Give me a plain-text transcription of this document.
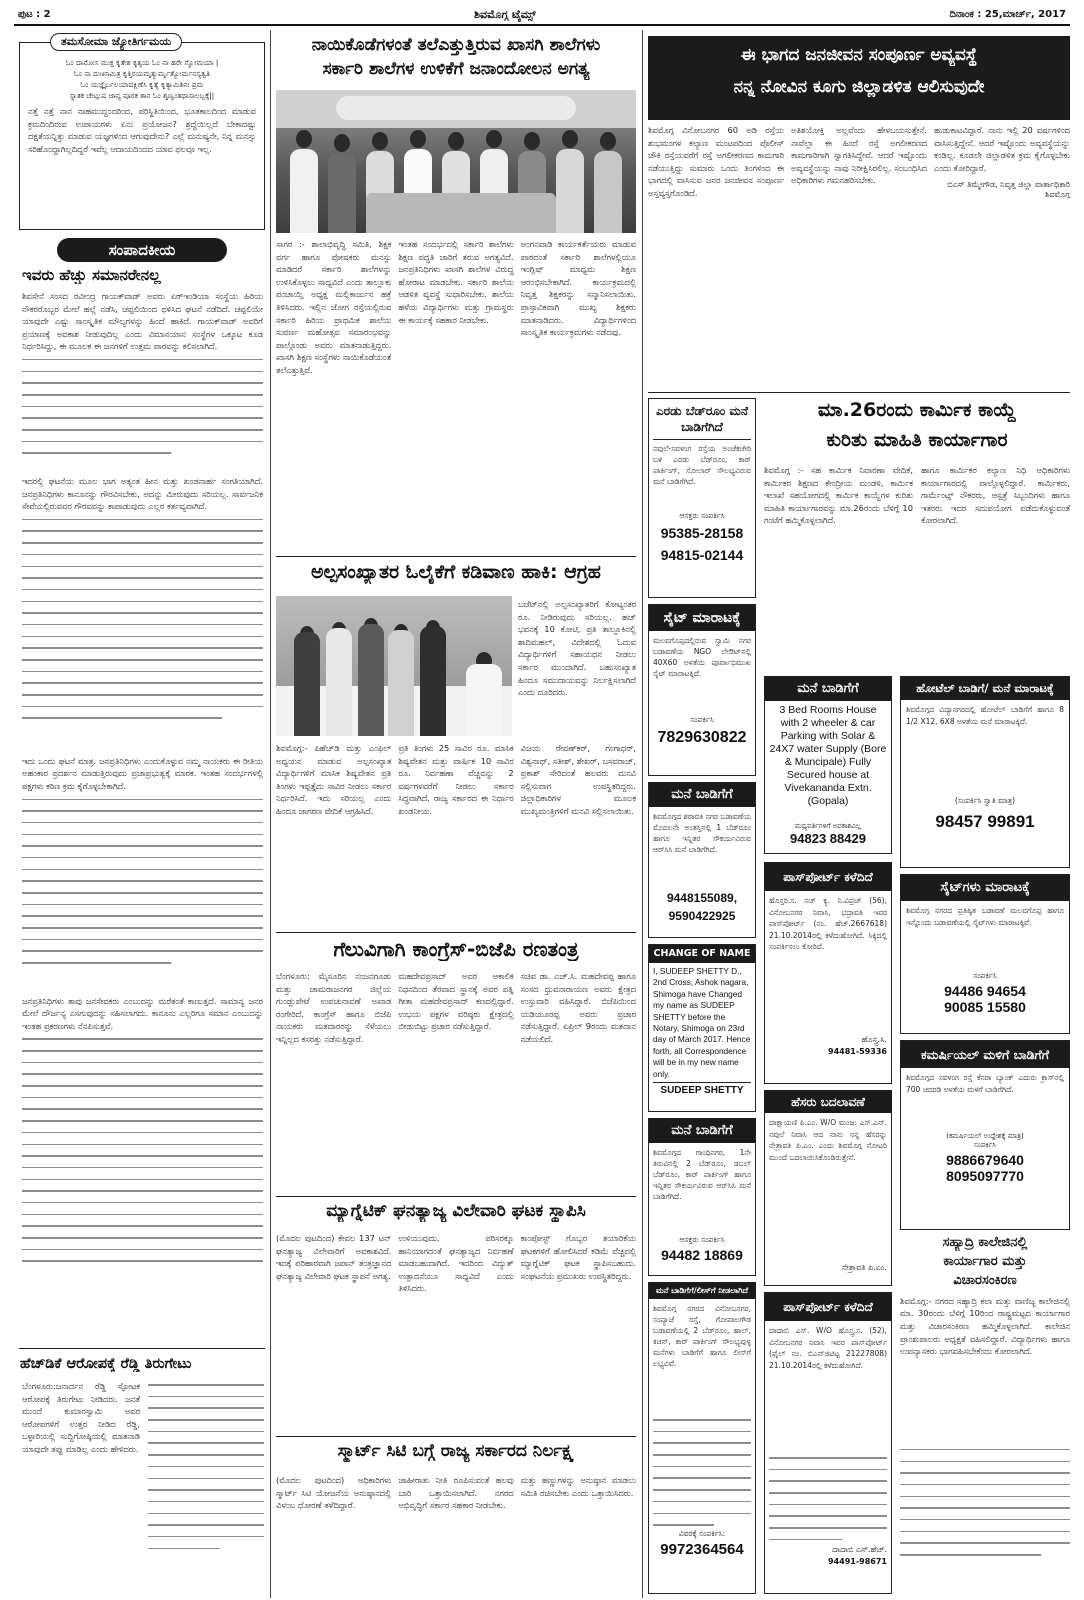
ಪುಟ : 2	ಶಿವಮೊಗ್ಗ ಟೈಮ್ಸ್	ದಿನಾಂಕ : 25,ಮಾರ್ಚ್, 2017
ತಮಸೋಮಾ ಜ್ಯೋತಿರ್ಗಮಯ
ಓಂ ದಾಮೋಸ ಮುಕ್ತ ಕೃತೇಶ ಕೃತ್ಯಯ ಓಂ ನಾ ಹರೇ ಸ್ವೋಮಯಾ |
ಓಂ ನಾ ದುಃಖಾಮಿತ್ರ ಕೃತ್ತಿರಯಮೃತ್ಯುರ್ಮೃತ್ಯೋರ್ಮನಸ್ಯತ್ವತಿ
ಓಂ ಯಜ್ಞೈರ್ಬಲಯಾದಕ್ಷಿಣೆಸಿ ಕೃತ್ಯೆ ಕೃತ್ಯಾಮಿಶಿನಃ ಪ್ರಮ
ಸ್ನಾತಕ ಚೇಟ್ಸುಷ ಜಾನ್ಯ ಪೂರಕ ತಾನ ಓಂ ಶೃಣ್ವಂತಥಾಸಾಲಬ್ಬಕ್ಕೆ||
ನತ್ತೆ ನತ್ತೆ ನಾನ ನಾಹಮುದ್ದಂದರಿಂದ, ಪರಿಸ್ಥಿತಿಯಿಂದ, ಭೂತಕಾಲದಿಂದ ಮಾಡುವ ಕ್ರಮದಿಂದಿರುವ ಉಪಾಯಗಳು ಏನು ಪ್ರಯೋಜನ? ಶ್ರದ್ಧೆಯಿಲ್ಲದೆ ಬೇಕಾದಷ್ಟು ದಕ್ಷತೆಯನ್ನಿತ್ತು ಮಾಡುವ ಯಜ್ಞಗಳಿಂದ ಆಗುವುದೇನು? ಎಲ್ಲೆ ಮನುಷ್ಯನೇ, ನಿನ್ನ ಮನಸ್ಸು ಸರಿಹೊಂದ್ದಾಗಿಲ್ಲದಿದ್ದರೆ ಇವೆಲ್ಲ ಆದಾಯದಿಂದದ ಯಾವ ಫಲವೂ ಇಲ್ಲ.
ಸಂಪಾದಕೀಯ
ಇವರು ಹೆಚ್ಚು ಸಮಾನರೇನಲ್ಲ
ಶಿವಸೇನೆ ಸಂಸದ ರವೀಂದ್ರ ಗಾಯಕ್‌ವಾಡ್ ಅವರು ಏರ್‌ಇಂಡಿಯಾ ಸಂಸ್ಥೆಯ ಹಿರಿಯ ನೌಕರರೊಬ್ಬರ ಮೇಲೆ ಹಲ್ಲೆ ನಡೆಸಿ, ಚಪ್ಪಲಿಯಿಂದ ಥಳಿಸಿದ ಘಟನೆ ನಡೆದಿದೆ. ಚಪ್ಪಲಿಯೇ ಯಾವುದೇ ಎಷ್ಟು ಸಾಂಸ್ಕೃತಿಕ ಮೌಲ್ಯಗಳನ್ನು ಹಿಂದೆ ಹಾಕಿದೆ. ಗಾಯಕ್‌ವಾಡ್ ಅವರಿಗೆ ಪ್ರಯಾಣಕ್ಕೆ ಅವಕಾಶ ನೀಡುವುದಿಲ್ಲ ಎಂದು ವಿಮಾನಯಾನ ಸಂಸ್ಥೆಗಳ ಒಕ್ಕೂಟ ಕೂಡ ನಿರ್ಧರಿಸಿದ್ದು, ಈ ಮೂಲಕ ಈ ಜನಗಳಿಗೆ ಉತ್ತಮ ಪಾಠವನ್ನು ಕಲಿಸಲಾಗಿದೆ.
ಇದರಲ್ಲಿ ಘಟನೆಯ ಮೂಲ ಭಾಗ ಅತ್ಯಂತ ಹೀನ ಮತ್ತು ಖಂಡನಾರ್ಹ ಸಂಗತಿಯಾಗಿದೆ. ಜನಪ್ರತಿನಿಧಿಗಳು ಕಾನೂನನ್ನು ಗೌರವಿಸಬೇಕು, ಅದನ್ನು ಮೀರುವುದು ಸರಿಯಲ್ಲ. ಸಾರ್ವಜನಿಕ ಸೇವೆಯಲ್ಲಿರುವವರ ಗೌರವವನ್ನು ಕಾಪಾಡುವುದು ಎಲ್ಲರ ಕರ್ತವ್ಯವಾಗಿದೆ.
ಇದು ಒಂದು ಘಟನೆ ಮಾತ್ರ. ಜನಪ್ರತಿನಿಧಿಗಳು ಎಂದುಕೊಳ್ಳುವ ನಮ್ಮ ನಾಯಕರು ಈ ರೀತಿಯ ಅಹಂಕಾರ ಪ್ರದರ್ಶನ ಮಾಡುತ್ತಿರುವುದು ಪ್ರಜಾಪ್ರಭುತ್ವಕ್ಕೆ ಮಾರಕ. ಇಂತಹ ಸಂದರ್ಭಗಳಲ್ಲಿ ಪಕ್ಷಗಳು ಕಠಿಣ ಕ್ರಮ ಕೈಗೊಳ್ಳಬೇಕಾಗಿದೆ.
ಜನಪ್ರತಿನಿಧಿಗಳು ತಾವು ಜನಸೇವಕರು ಎಂಬುದನ್ನು ಮರೆತಂತೆ ಕಾಣುತ್ತದೆ. ಸಾಮಾನ್ಯ ಜನರ ಮೇಲೆ ದೌರ್ಜನ್ಯ ಎಸಗುವುದನ್ನು ಸಹಿಸಲಾಗದು. ಕಾನೂನು ಎಲ್ಲರಿಗೂ ಸಮಾನ ಎಂಬುದನ್ನು ಇಂತಹ ಪ್ರಕರಣಗಳು ನೆನಪಿಸುತ್ತವೆ.
ಹೆಚ್‌ಡಿಕೆ ಆರೋಪಕ್ಕೆ ರೆಡ್ಡಿ ತಿರುಗೇಟು
ಬೆಂಗಳೂರು:ಜನಾರ್ದನ ರೆಡ್ಡಿ ಸ್ಫೋಟಕ ಆರೋಪಕ್ಕೆ ತಿರುಗೇಟು ನೀಡಿದರು. ಜನತೆ ಮುಂದೆ ಕುಮಾರಸ್ವಾಮಿ ಅವರ ಆರೋಪಗಳಿಗೆ ಉತ್ತರ ನೀಡಿದ ರೆಡ್ಡಿ, ಬಳ್ಳಾರಿಯಲ್ಲಿ ಸುದ್ದಿಗೋಷ್ಠಿಯಲ್ಲಿ ಮಾತನಾಡಿ ಯಾವುದೇ ತಪ್ಪು ಮಾಡಿಲ್ಲ ಎಂದು ಹೇಳಿದರು.
ನಾಯಿಕೊಡೆಗಳಂತೆ ತಲೆಎತ್ತುತ್ತಿರುವ ಖಾಸಗಿ ಶಾಲೆಗಳು
ಸರ್ಕಾರಿ ಶಾಲೆಗಳ ಉಳಿಕೆಗೆ ಜನಾಂದೋಲನ ಅಗತ್ಯ
ಸಾಗರ :- ಶಾಲಾಭಿವೃದ್ಧಿ ಸಮಿತಿ, ಶಿಕ್ಷಕ ವರ್ಗ ಹಾಗೂ ಪೋಷಕರು ಮನಸ್ಸು ಮಾಡಿದರೆ ಸರ್ಕಾರಿ ಶಾಲೆಗಳನ್ನು ಉಳಿಸಿಕೊಳ್ಳಲು ಸಾಧ್ಯವಿದೆ ಎಂದು ತಾಲ್ಲೂಕು ಪಂಚಾಯ್ತಿ ಅಧ್ಯಕ್ಷ ಮಲ್ಲಿಕಾರ್ಜುನ ಹಕ್ರೆ ತಿಳಿಸಿದರು. ಇಲ್ಲಿನ ಜೋಗ ರಸ್ತೆಯಲ್ಲಿರುವ ಸರ್ಕಾರಿ ಹಿರಿಯ ಪ್ರಾಥಮಿಕ ಶಾಲೆಯ ಸುವರ್ಣ ಮಹೋತ್ಸವ ಸಮಾರಂಭವನ್ನು ಪಾಲ್ಗೊಂಡು ಅವರು ಮಾತನಾಡುತ್ತಿದ್ದರು. ಖಾಸಗಿ ಶಿಕ್ಷಣ ಸಂಸ್ಥೆಗಳು ನಾಯಿಕೊಡೆಯಂತೆ ತಲೆಎತ್ತುತ್ತಿವೆ.
ಇಂತಹ ಸಂದರ್ಭದಲ್ಲಿ ಸರ್ಕಾರಿ ಶಾಲೆಗಳು ಶಿಕ್ಷಣ ಪದ್ಧತಿ ಜಾರಿಗೆ ತರುವ ಅಗತ್ಯವಿದೆ. ಜನಪ್ರತಿನಿಧಿಗಳು ಖಾಸಗಿ ಶಾಲೆಗಳ ವಿರುದ್ಧ ಹೋರಾಟ ಮಾಡಬೇಕು. ಸರ್ಕಾರಿ ಶಾಲೆಯ ಆಡಳಿತ ವ್ಯವಸ್ಥೆ ಸುಧಾರಿಸಬೇಕು. ಶಾಲೆಯ ಹಳೆಯ ವಿದ್ಯಾರ್ಥಿಗಳು ಮತ್ತು ಗ್ರಾಮಸ್ಥರು ಈ ಕಾರ್ಯಕ್ಕೆ ಸಹಕಾರ ನೀಡಬೇಕು.
ಅಂಗನವಾಡಿ ಕಾರ್ಯಕರ್ತೆಯರು ಮಾಡುವ ಪಾಠದಂತೆ ಸರ್ಕಾರಿ ಶಾಲೆಗಳಲ್ಲಿಯೂ ಇಂಗ್ಲಿಷ್ ಮಾಧ್ಯಮ ಶಿಕ್ಷಣ ಆರಂಭಿಸಬೇಕಾಗಿದೆ. ಕಾರ್ಯಕ್ರಮದಲ್ಲಿ ನಿವೃತ್ತ ಶಿಕ್ಷಕರನ್ನು ಸನ್ಮಾನಿಸಲಾಯಿತು. ಪ್ರಾಸ್ತಾವಿಕವಾಗಿ ಮುಖ್ಯ ಶಿಕ್ಷಕರು ಮಾತನಾಡಿದರು. ವಿದ್ಯಾರ್ಥಿಗಳಿಂದ ಸಾಂಸ್ಕೃತಿಕ ಕಾರ್ಯಕ್ರಮಗಳು ನಡೆದವು.
ಅಲ್ಪಸಂಖ್ಯಾತರ ಓಲೈಕೆಗೆ ಕಡಿವಾಣ ಹಾಕಿ: ಆಗ್ರಹ
ಬಜೆಟ್‌ನಲ್ಲಿ ಅಲ್ಪಸಂಖ್ಯಾತರಿಗೆ ಕೋಟ್ಯಂತರ ರೂ. ನೀಡಿರುವುದು ಸರಿಯಲ್ಲ. ಹಜ್ ಭವನಕ್ಕೆ 10 ಕೋಟಿ, ಪ್ರತಿ ತಾಲ್ಲೂಕಿನಲ್ಲಿ ಶಾದಿಮಹಲ್, ವಿದೇಶದಲ್ಲಿ ಓದುವ ವಿದ್ಯಾರ್ಥಿಗಳಿಗೆ ಸಹಾಯಧನ ನೀಡಲು ಸರ್ಕಾರ ಮುಂದಾಗಿದೆ. ಬಹುಸಂಖ್ಯಾತ ಹಿಂದೂ ಸಮುದಾಯವನ್ನು ನಿರ್ಲಕ್ಷಿಸಲಾಗಿದೆ ಎಂದು ದೂರಿದರು.
ಶಿವಮೊಗ್ಗ:- ಪಿಹೆಚ್‌ಡಿ ಮತ್ತು ಎಂಫಿಲ್ ಅಧ್ಯಯನ ಮಾಡುವ ಅಲ್ಪಸಂಖ್ಯಾತ ವಿದ್ಯಾರ್ಥಿಗಳಿಗೆ ಮಾಸಿಕ ಶಿಷ್ಯವೇತನ ಪ್ರತಿ ತಿಂಗಳು ಇಪ್ಪತ್ತೈದು ಸಾವಿರ ನೀಡಲು ಸರ್ಕಾರ ನಿರ್ಧರಿಸಿದೆ. ಇದು ಸರಿಯಲ್ಲ ಎಂದು ಹಿಂದೂ ಜಾಗರಣ ವೇದಿಕೆ ಆಗ್ರಹಿಸಿದೆ.
ಪ್ರತಿ ತಿಂಗಳು 25 ಸಾವಿರ ರೂ. ಮಾಸಿಕ ಶಿಷ್ಯವೇತನ ಮತ್ತು ವಾರ್ಷಿಕ 10 ಸಾವಿರ ರೂ. ನಿರ್ವಹಣಾ ವೆಚ್ಚವನ್ನು 2 ವರ್ಷಗಳವರೆಗೆ ನೀಡಲು ಸರ್ಕಾರ ಸಿದ್ಧವಾಗಿದೆ. ರಾಜ್ಯ ಸರ್ಕಾರದ ಈ ನಿರ್ಧಾರ ಖಂಡನೀಯ.
ವಿಜಯ ರೇವಣ್‌ಕರ್, ಗಂಗಾಧರ್, ವಿಶ್ವನಾಥ್, ಸತೀಶ್, ಶೇಖರ್, ಬಸವರಾಜ್, ಪ್ರಕಾಶ್ ಸೇರಿದಂತೆ ಹಲವರು ಮನವಿ ಸಲ್ಲಿಸುವಾಗ ಉಪಸ್ಥಿತರಿದ್ದರು. ಜಿಲ್ಲಾಧಿಕಾರಿಗಳ ಮೂಲಕ ಮುಖ್ಯಮಂತ್ರಿಗಳಿಗೆ ಮನವಿ ಸಲ್ಲಿಸಲಾಯಿತು.
ಗೆಲುವಿಗಾಗಿ ಕಾಂಗ್ರೆಸ್-ಬಿಜೆಪಿ ರಣತಂತ್ರ
ಬೆಂಗಳೂರು: ಮೈಸೂರಿನ ನಂಜನಗೂಡು ಮತ್ತು ಚಾಮರಾಜನಗರ ಜಿಲ್ಲೆಯ ಗುಂಡ್ಲುಪೇಟೆ ಉಪಚುನಾವಣೆ ಅಖಾಡ ರಂಗೇರಿದೆ. ಕಾಂಗ್ರೆಸ್ ಹಾಗೂ ಬಿಜೆಪಿ ನಾಯಕರು ಮತದಾರರನ್ನು ಸೆಳೆಯಲು ಇನ್ನಿಲ್ಲದ ಕಸರತ್ತು ನಡೆಸುತ್ತಿದ್ದಾರೆ.
ಮಹದೇವಪ್ರಸಾದ್ ಅವರ ಅಕಾಲಿಕ ನಿಧನದಿಂದ ತೆರವಾದ ಸ್ಥಾನಕ್ಕೆ ಅವರ ಪತ್ನಿ ಗೀತಾ ಮಹದೇವಪ್ರಸಾದ್ ಕಣದಲ್ಲಿದ್ದಾರೆ. ಉಭಯ ಪಕ್ಷಗಳ ವರಿಷ್ಠರು ಕ್ಷೇತ್ರದಲ್ಲಿ ಬೀಡುಬಿಟ್ಟು ಪ್ರಚಾರ ನಡೆಸುತ್ತಿದ್ದಾರೆ.
ಸಚಿವ ಡಾ. ಎಚ್.ಸಿ. ಮಹದೇವಪ್ಪ ಹಾಗೂ ಸಂಸದ ಧ್ರುವನಾರಾಯಣ ಅವರು ಕ್ಷೇತ್ರದ ಉಸ್ತುವಾರಿ ವಹಿಸಿದ್ದಾರೆ. ಬಿಜೆಪಿಯಿಂದ ಯಡಿಯೂರಪ್ಪ ಅವರು ಪ್ರಚಾರ ನಡೆಸುತ್ತಿದ್ದಾರೆ. ಏಪ್ರಿಲ್ 9ರಂದು ಮತದಾನ ನಡೆಯಲಿದೆ.
ಮ್ಯಾಗ್ನೆಟಿಕ್ ಘನತ್ಯಾಜ್ಯ ವಿಲೇವಾರಿ ಘಟಕ ಸ್ಥಾಪಿಸಿ
(ಮೊದಲ ಪುಟದಿಂದ) ಕೇವಲ 137 ಟನ್ ಘನತ್ಯಾಜ್ಯ ವಿಲೇವಾರಿಗೆ ಅವಕಾಶವಿದೆ. ಇದಕ್ಕೆ ಪರಿಹಾರವಾಗಿ ಜಪಾನ್ ತಂತ್ರಜ್ಞಾನದ ಘನತ್ಯಾಜ್ಯ ವಿಲೇವಾರಿ ಘಟಕ ಸ್ಥಾಪನೆ ಅಗತ್ಯ.
ಉಳಿಯುವುದು. ಪರಿಸರಕ್ಕೂ ಹಾನಿಯಾಗದಂತೆ ಘನತ್ಯಾಜ್ಯದ ನಿರ್ವಹಣೆ ಮಾಡಬಹುದಾಗಿದೆ. ಇದರಿಂದ ವಿದ್ಯುತ್ ಉತ್ಪಾದನೆಯೂ ಸಾಧ್ಯವಿದೆ ಎಂದು ತಿಳಿಸಿದರು.
ಕಾಂಪೋಸ್ಟ್ ಗೊಬ್ಬರ ತಯಾರಿಕೆಯ ಘಟಕಗಳಿಗೆ ಹೋಲಿಸಿದರೆ ಕಡಿಮೆ ವೆಚ್ಚದಲ್ಲಿ ಮ್ಯಾಗ್ನೆಟಿಕ್ ಘಟಕ ಸ್ಥಾಪಿಸಬಹುದು. ಸಂಘಟನೆಯ ಪ್ರಮುಖರು ಉಪಸ್ಥಿತರಿದ್ದರು.
ಸ್ಮಾರ್ಟ್ ಸಿಟಿ ಬಗ್ಗೆ ರಾಜ್ಯ ಸರ್ಕಾರದ ನಿರ್ಲಕ್ಷ್ಯ
(ಮೊದಲ ಪುಟದಿಂದ) ಅಧಿಕಾರಿಗಳು ಸ್ಮಾರ್ಟ್ ಸಿಟಿ ಯೋಜನೆಯ ಅನುಷ್ಠಾನದಲ್ಲಿ ವಿಳಂಬ ಧೋರಣೆ ತಳೆದಿದ್ದಾರೆ.
ಜಾಹೀರಾತು ನೀತಿ ರೂಪಿಸುವಂತೆ ಹಲವು ಬಾರಿ ಒತ್ತಾಯಿಸಲಾಗಿದೆ. ನಗರದ ಅಭಿವೃದ್ಧಿಗೆ ಸರ್ಕಾರ ಸಹಕಾರ ನೀಡಬೇಕು.
ಮತ್ತು ಹಣ್ಣುಗಳನ್ನು ಅನುಷ್ಠಾನ ಮಾಡಲು ಸಮಿತಿ ರಚಿಸಬೇಕು ಎಂದು ಒತ್ತಾಯಿಸಿದರು.
ಈ ಭಾಗದ ಜನಜೀವನ ಸಂಪೂರ್ಣ ಅವ್ಯವಸ್ಥೆ
ನನ್ನ ನೋವಿನ ಕೂಗು ಜಿಲ್ಲಾಡಳಿತ ಆಲಿಸುವುದೇ
ಶಿವಮೊಗ್ಗ ವಿನೋಬನಗರ 60 ಅಡಿ ರಸ್ತೆಯ ಶುಭಮಂಗಳ ಕಲ್ಯಾಣ ಮಂಟಪದಿಂದ ಪೊಲೀಸ್ ಚೌಕಿ ರಸ್ತೆಯವರೆಗೆ ರಸ್ತೆ ಅಗಲೀಕರಣದ ಕಾಮಗಾರಿ ನಡೆಯುತ್ತಿದ್ದು ಸುಮಾರು ಒಂದು ತಿಂಗಳಿಂದ ಈ ಭಾಗದಲ್ಲಿ ವಾಸಿಸುವ ಜನರ ಜನಜೀವನ ಸಂಪೂರ್ಣ ಅಸ್ತವ್ಯಸ್ತಗೊಂಡಿದೆ.
ಅತಿಶಯೋಕ್ತಿ ಅಲ್ಲವೆಂದು ಹೇಳಬಯಸುತ್ತೇನೆ. ನಾವೆಲ್ಲಾ ಈ ಹಿಂದೆ ರಸ್ತೆ ಅಗಲೀಕರಣದ ಕಾಮಗಾರಿಗಾಗಿ ಸ್ವಾಗತಿಸಿದ್ದೇವೆ. ಆದರೆ ಇಷ್ಟೊಂದು ಅವ್ಯವಸ್ಥೆಯನ್ನು ನಾವು ನಿರೀಕ್ಷಿಸಿರಲಿಲ್ಲ. ಸಂಬಂಧಿಸಿದ ಅಧಿಕಾರಿಗಳು ಗಮನಹರಿಸಬೇಕು.
ಹುಡುಕಾಟವಿದ್ದಾರೆ. ನಾನು ಇಲ್ಲಿ 20 ವರ್ಷಗಳಿಂದ ವಾಸಿಸುತ್ತಿದ್ದೇನೆ. ಆದರೆ ಇಷ್ಟೊಂದು ಅವ್ಯವಸ್ಥೆಯನ್ನು ಕಂಡಿಲ್ಲ. ಕೂಡಲೇ ಜಿಲ್ಲಾಡಳಿತ ಕ್ರಮ ಕೈಗೊಳ್ಳಬೇಕು ಎಂದು ಕೋರಿದ್ದಾರೆ.
ಬಿಎಸ್ ತಿಮ್ಮೇಗೌಡ, ನಿವೃತ್ತ ಜಿಲ್ಲಾ ವಾರ್ತಾಧಿಕಾರಿ ಶಿವಮೊಗ್ಗ
ಎರಡು ಬೆಡ್‌ರೂಂ ಮನೆ ಬಾಡಿಗೆಗಿದೆ
ನವುಲೆ-ಸವಳಂಗ ರಸ್ತೆಯ ಅಂಚೆಕಚೇರಿ ಬಳಿ ಎರಡು ಬೆಡ್‌ರೂಂ, ಕಾರ್ ಪಾರ್ಕಿಂಗ್, ಸೋಲಾರ್ ಸೌಲಭ್ಯವಿರುವ ಮನೆ ಬಾಡಿಗೆಗಿದೆ.
ಆಸಕ್ತರು ಸಂಪರ್ಕಿಸಿ
95385-28158
94815-02144
ಸೈಟ್ ಮಾರಾಟಕ್ಕೆ
ಮಲವಗೊಪ್ಪದಲ್ಲಿರುವ ಸ್ವಾಮಿ ನಗರ ಬಡಾವಣೆಯ NGO ಲೇಔಟ್‌ನಲ್ಲಿ 40X60 ಅಳತೆಯ ಪೂರ್ವಾಭಿಮುಖ ಸೈಟ್ ಮಾರಾಟಕ್ಕಿದೆ.
ಸಂಪರ್ಕಿಸಿ
7829630822
ಮನೆ ಬಾಡಿಗೆಗೆ
ಶಿವಮೊಗ್ಗದ ಶರಾವತಿ ನಗರ ಬಡಾವಣೆಯ ಮೊದಲನೇ ಅಂತಸ್ತಿನಲ್ಲಿ 1 ಬೆಡ್‌ರೂಂ ಹಾಗೂ ಇನ್ನಿತರ ಸೌಕರ್ಯವಿರುವ ಆರ್‌ಸಿಸಿ ಮನೆ ಬಾಡಿಗೆಗಿದೆ.
9448155089,
9590422925
CHANGE OF NAME
I, SUDEEP SHETTY D., 2nd Cross, Ashok nagara, Shimoga have Changed my name as SUDEEP SHETTY before the Notary, Shimoga on 23rd day of March 2017. Hence forth, all Correspondence will be in my new name only.
SUDEEP SHETTY
ಮನೆ ಬಾಡಿಗೆಗೆ
ಶಿವಮೊಗ್ಗದ ಗಾಂಧಿನಗರ, 1ನೇ ತಿರುವಿನಲ್ಲಿ 2 ಬೆಡ್‌ರೂಂ, ಡಬಲ್ ಬೆಡ್‌ರೂಂ, ಕಾರ್ ಪಾರ್ಕಿಂಗ್ ಹಾಗೂ ಇನ್ನಿತರ ಸೌಕರ್ಯವಿರುವ ಆರ್‌ಸಿಸಿ ಮನೆ ಬಾಡಿಗೆಗಿದೆ.
ಆಸಕ್ತರು ಸಂಪರ್ಕಿಸಿ
94482 18869
ಮನೆ ಬಾಡಿಗೆಗೆ/ಲೀಸ್‌ಗೆ ನೀಡಲಾಗಿದೆ
ಶಿವಮೊಗ್ಗ ನಗರದ ವಿನೋಬನಗರ, ಸಂಪ್ಯಾಜೆ ರಸ್ತೆ, ಗೋಪಾಲಗೌಡ ಬಡಾವಣೆಯಲ್ಲಿ 2 ಬೆಡ್‌ರೂಂ, ಹಾಲ್, ಕಿಚನ್, ಕಾರ್ ಪಾರ್ಕಿಂಗ್ ಸೌಲಭ್ಯವುಳ್ಳ ಮನೆಗಳು ಬಾಡಿಗೆಗೆ ಹಾಗೂ ಲೀಸ್‌ಗೆ ಲಭ್ಯವಿವೆ.
ವಿವರಕ್ಕೆ ಸಂಪರ್ಕಿಸಿ:
9972364564
ಮಾ.26ರಂದು ಕಾರ್ಮಿಕ ಕಾಯ್ದೆ
ಕುರಿತು ಮಾಹಿತಿ ಕಾರ್ಯಾಗಾರ
ಶಿವಮೊಗ್ಗ :- ಸಹ ಕಾರ್ಮಿಕ ನಿವಾರಣಾ ವೇದಿಕೆ, ಕಾರ್ಮಿಕರ ಶಿಕ್ಷಣದ ಕೇಂದ್ರೀಯ ಮಂಡಳಿ, ಕಾರ್ಮಿಕ ಇಲಾಖೆ ಸಹಯೋಗದಲ್ಲಿ ಕಾರ್ಮಿಕ ಕಾಯ್ದೆಗಳ ಕುರಿತು ಮಾಹಿತಿ ಕಾರ್ಯಾಗಾರವನ್ನು ಮಾ.26ರಂದು ಬೆಳಿಗ್ಗೆ 10 ಗಂಟೆಗೆ ಹಮ್ಮಿಕೊಳ್ಳಲಾಗಿದೆ.
ಹಾಗೂ ಕಾರ್ಮಿಕರ ಕಲ್ಯಾಣ ನಿಧಿ ಅಧಿಕಾರಿಗಳು ಕಾರ್ಯಾಗಾರದಲ್ಲಿ ಪಾಲ್ಗೊಳ್ಳಲಿದ್ದಾರೆ. ಕಾರ್ಮಿಕರು, ಗಾರ್ಮೆಂಟ್ಸ್ ನೌಕರರು, ಆಸ್ಪತ್ರೆ ಸಿಬ್ಬಂದಿಗಳು ಹಾಗೂ ಇತರರು ಇದರ ಸದುಪಯೋಗ ಪಡೆದುಕೊಳ್ಳುವಂತೆ ಕೋರಲಾಗಿದೆ.
ಮನೆ ಬಾಡಿಗೆಗೆ
3 Bed Rooms House with 2 wheeler & car Parking with Solar & 24X7 water Supply (Bore & Muncipale) Fully Secured house at Vivekananda Extn. (Gopala)
ಮಧ್ಯವರ್ತಿಗಳಿಗೆ ಅವಕಾಶವಿಲ್ಲ
94823 88429
ಪಾಸ್‌ಪೋರ್ಟ್ ಕಳೆದಿದೆ
ಹೊಸ್ತರಿ.ಸ. ಸಚ್ ಕ್ಯ. ನಿ.ವಿಪ್ರಜ್ (56), ವಿನೋಬನಗರ ನಿವಾಸಿ, ಭದ್ರಾವತಿ ಇವರ ಪಾಸ್‌ಪೋರ್ಟ್ (ನಂ. ಹೆಚ್.2667618) 21.10.2014ರಲ್ಲಿ ಕಳೆದುಹೋಗಿದೆ. ಸಿಕ್ಕಿದಲ್ಲಿ ಸಂಪರ್ಕಿಸಲು ಕೋರಿದೆ.
ಹೊಸ್ತ್ರ.ಸಿ.
94481-59336
ಹೆಸರು ಬದಲಾವಣೆ
ದಾಕ್ಷಾಯಣಿ ಪಿ.ಎಂ. W/O ಮಂಜು ಎಸ್.ಎನ್. ನವುಲೆ ನಿವಾಸಿ ಆದ ನಾನು ನನ್ನ ಹೆಸರನ್ನು ನೇತ್ರಾವತಿ ಪಿ.ಎಂ. ಎಂದು ಶಿವಮೊಗ್ಗ ನೋಟರಿ ಮುಂದೆ ಬದಲಾಯಿಸಿಕೊಂಡಿರುತ್ತೇನೆ.
ನೇತ್ರಾವತಿ ಪಿ.ಎಂ.
ಪಾಸ್‌ಪೋರ್ಟ್ ಕಳೆದಿದೆ
ದಾದಾಬಿ ಎಸ್. W/O ಹೊಸ್ತ್ರ.ಸ. (52), ವಿನೋಬನಗರ ನಿವಾಸಿ ಇವರ ಪಾಸ್‌ಪೋರ್ಟ್ (ಫೈಲ್ ನಂ. ಬಿಎನ್‌ಜಿಟಿಟ್ಟ 21227808) 21.10.2014ರಲ್ಲಿ ಕಳೆದುಹೋಗಿದೆ.
ದಾದಾಬಿ ಎಸ್.ಹೆಚ್.
94491-98671
ಹೋಟೆಲ್ ಬಾಡಿಗೆ/ ಮನೆ ಮಾರಾಟಕ್ಕೆ
ಶಿವಮೊಗ್ಗದ ವಿದ್ಯಾನಗರದಲ್ಲಿ ಹೋಟೆಲ್ ಬಾಡಿಗೆಗೆ ಹಾಗೂ 8 1/2 X12, 6X8 ಅಳತೆಯ ಮನೆ ಮಾರಾಟಕ್ಕಿದೆ.
(ಸಂಪರ್ಕಿಸಿ ಸ್ವಾತಿ ಮಾತ್ರ)
98457 99891
ಸೈಟ್‌ಗಳು ಮಾರಾಟಕ್ಕೆ
ಶಿವಮೊಗ್ಗ ನಗರದ ಪ್ರತಿಷ್ಠಿತ ಬಡಾವಣೆ ಮಲವಗೊಪ್ಪ ಹಾಗೂ ಇನ್ನೊಂದು ಬಡಾವಣೆಯಲ್ಲಿ ಸೈಟ್‌ಗಳು ಮಾರಾಟಕ್ಕಿವೆ.
ಸಂಪರ್ಕಿಸಿ
94486 94654
90085 15580
ಕಮರ್ಷಿಯಲ್ ಮಳಿಗೆ ಬಾಡಿಗೆಗೆ
ಶಿವಮೊಗ್ಗದ ಸವಳಂಗ ರಸ್ತೆ ಕೆನರಾ ಬ್ಯಾಂಕ್ ಎದುರು ಕ್ರಾಸ್‌ನಲ್ಲಿ 700 ಚದರಡಿ ಅಳತೆಯ ಮಳಿಗೆ ಬಾಡಿಗೆಗಿದೆ.
(ಕಮರ್ಷಿಯಲ್ ಉದ್ದೇಶಕ್ಕೆ ಮಾತ್ರ)
ಸಂಪರ್ಕಿಸಿ
9886679640
8095097770
ಸಹ್ಯಾದ್ರಿ ಕಾಲೇಜಿನಲ್ಲಿ
ಕಾರ್ಯಾಗಾರ ಮತ್ತು
ವಿಚಾರಸಂಕಿರಣ
ಶಿವಮೊಗ್ಗ:- ನಗರದ ಸಹ್ಯಾದ್ರಿ ಕಲಾ ಮತ್ತು ವಾಣಿಜ್ಯ ಕಾಲೇಜಿನಲ್ಲಿ ಮಾ. 30ರಂದು ಬೆಳಿಗ್ಗೆ 10ರಿಂದ ರಾಷ್ಟ್ರಮಟ್ಟದ ಕಾರ್ಯಾಗಾರ ಮತ್ತು ವಿಚಾರಸಂಕಿರಣ ಹಮ್ಮಿಕೊಳ್ಳಲಾಗಿದೆ. ಕಾಲೇಜಿನ ಪ್ರಾಂಶುಪಾಲರು ಅಧ್ಯಕ್ಷತೆ ವಹಿಸಲಿದ್ದಾರೆ. ವಿದ್ಯಾರ್ಥಿಗಳು ಹಾಗೂ ಉಪನ್ಯಾಸಕರು ಭಾಗವಹಿಸಬೇಕೆಂದು ಕೋರಲಾಗಿದೆ.
